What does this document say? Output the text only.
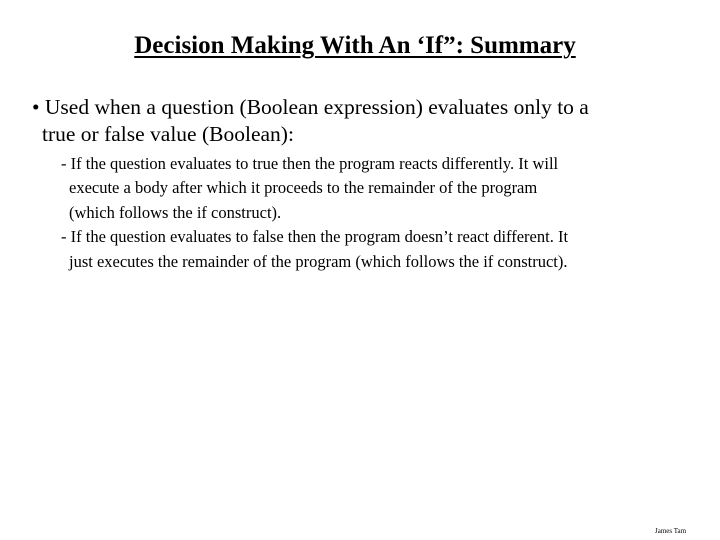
Decision Making With An ‘If”: Summary
• Used when a question (Boolean expression) evaluates only to a
true or false value (Boolean):
- If the question evaluates to true then the program reacts differently. It will
execute a body after which it proceeds to the remainder of the program
(which follows the if construct).
- If the question evaluates to false then the program doesn’t react different. It
just executes the remainder of the program (which follows the if construct).
James Tam
